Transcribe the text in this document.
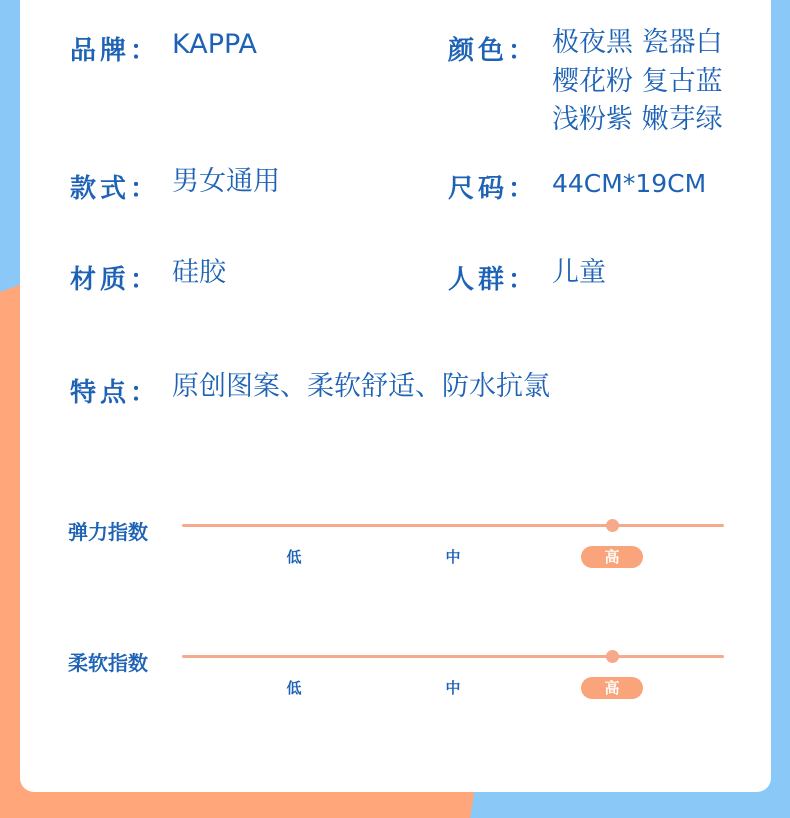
品牌： KAPPA	颜色： 极夜黑 瓷器白
樱花粉 复古蓝
浅粉紫 嫩芽绿
款式： 男女通用	尺码： 44CM*19CM
材质： 硅胶	人群： 儿童
特点： 原创图案、柔软舒适、防水抗氯
弹力指数
低	中	高
柔软指数
低	中	高
